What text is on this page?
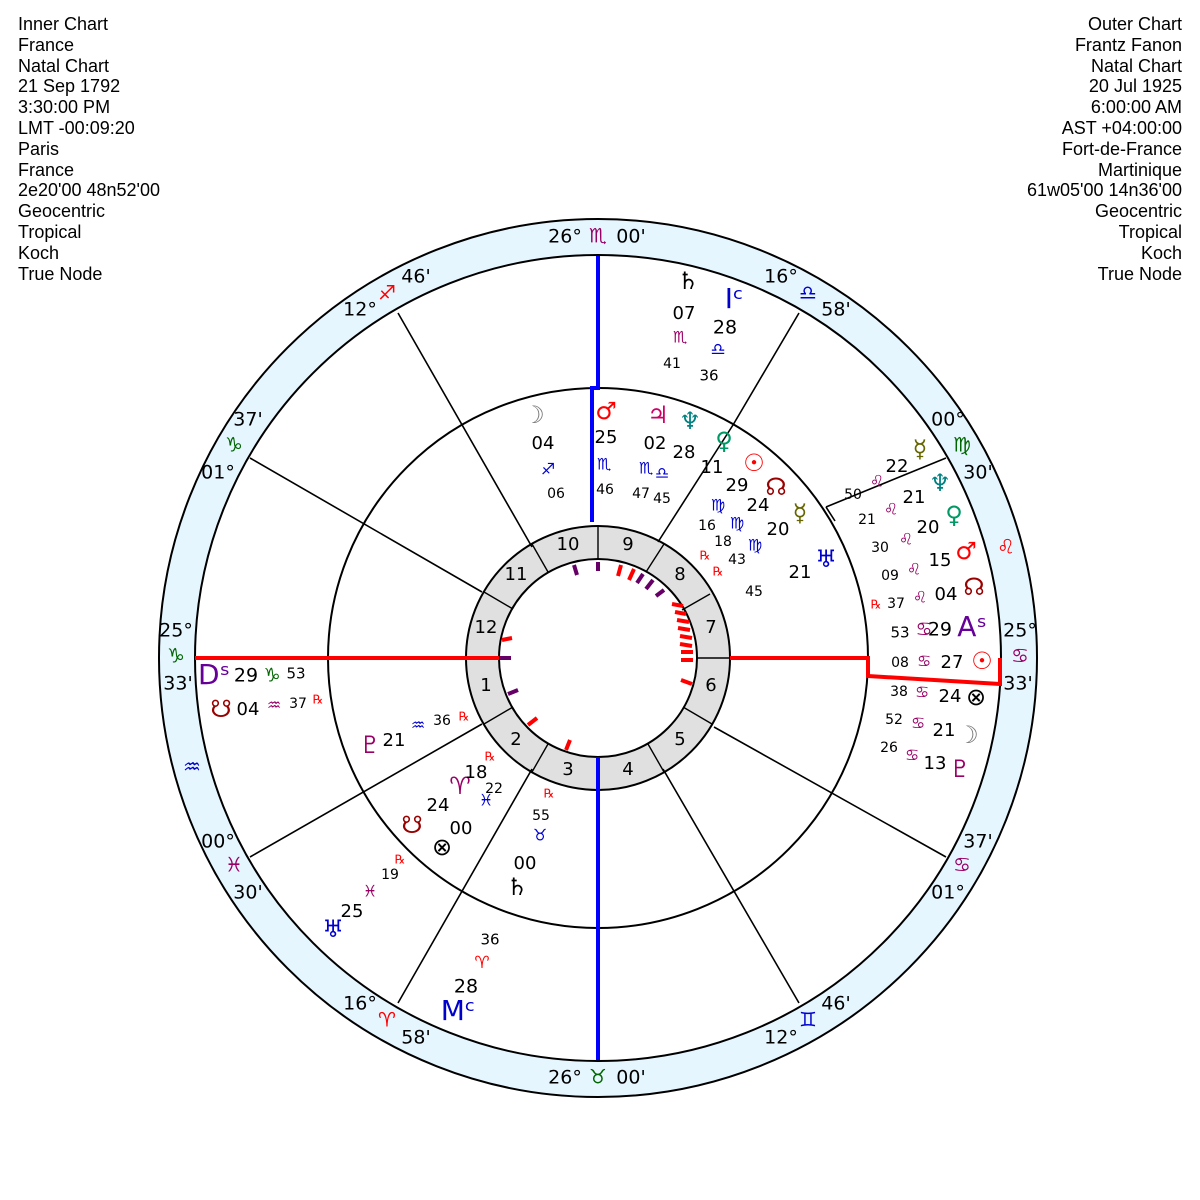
Inner Chart
France
Natal Chart
21 Sep 1792
3:30:00 PM
LMT -00:09:20
Paris
France
2e20'00 48n52'00
Geocentric
Tropical
Koch
True Node
Outer Chart
Frantz Fanon
Natal Chart
20 Jul 1925
6:00:00 AM
AST +04:00:00
Fort-de-France
Martinique
61w05'00 14n36'00
Geocentric
Tropical
Koch
True Node
1
2
3	4
5
6
7
8
9
10
11
12
25°
♑
33'
00°
♓
30'
16°
♈
58'
26° ♉ 00'
12°
♊
46'
01°
♋
37'
25°
♋
33'
00°
♍
30'
16°
♎
58'
26° ♏ 00'
12°
♐
46'
01°
♑
37'
♒
♌
Dˢ 29 ♑ 53
Aˢ
29
♋
53
Iᶜ
28
♎
36
Mᶜ
28
♈
36
☽
04
♐
06
♂
25
♏
46
♃
02
♏
47
♆
28
♎
45
♀
11
♍
16
℞
☉
29
♍
18
℞
☊
24
♍
43
☿
20
♅
21
45
♇ 21
♒ 36 ℞
♈
18
♓
22
℞
☋
24
⊗
00	♉
55
℞
♄
00
♄
07
♏
41
☿
22
♌
50	♆
21
♌
21	♀
20
♌
30	♂
15
♌
09	☊
04
♌
37
℞
☉
27
♋
08
⊗
24
♋
38
☽
21
♋
52
♇
13
♋
26
☋ 04 ♒ 37 ℞
♅
25
♓
19
℞
